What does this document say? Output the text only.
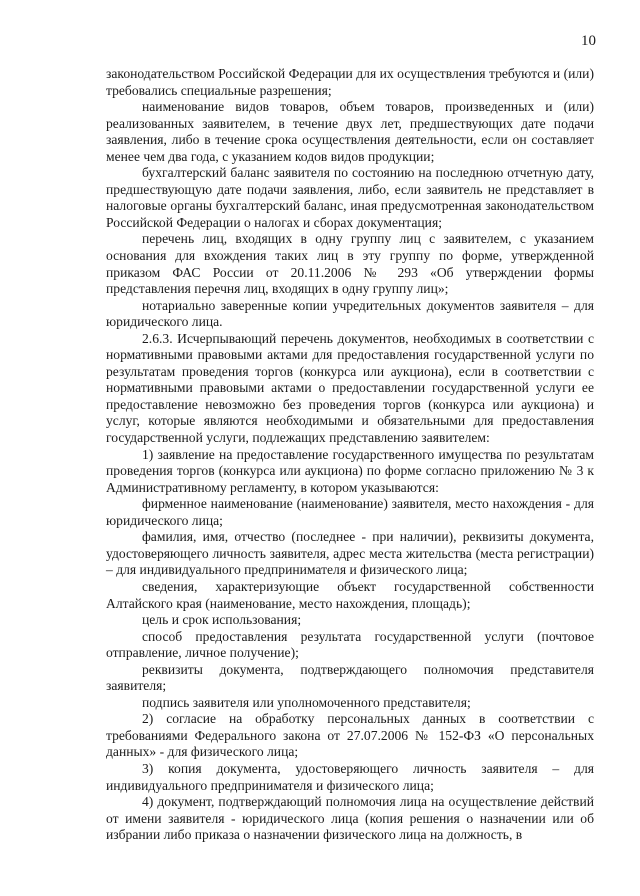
10

законодательством Российской Федерации для их осуществления требуются и (или) требовались специальные разрешения;

наименование видов товаров, объем товаров, произведенных и (или) реализованных заявителем, в течение двух лет, предшествующих дате подачи заявления, либо в течение срока осуществления деятельности, если он составляет менее чем два года, с указанием кодов видов продукции;

бухгалтерский баланс заявителя по состоянию на последнюю отчетную дату, предшествующую дате подачи заявления, либо, если заявитель не представляет в налоговые органы бухгалтерский баланс, иная предусмотренная законодательством Российской Федерации о налогах и сборах документация;

перечень лиц, входящих в одну группу лиц с заявителем, с указанием основания для вхождения таких лиц в эту группу по форме, утвержденной приказом ФАС России от 20.11.2006 № 293 «Об утверждении формы представления перечня лиц, входящих в одну группу лиц»;

нотариально заверенные копии учредительных документов заявителя – для юридического лица.

2.6.3. Исчерпывающий перечень документов, необходимых в соответствии с нормативными правовыми актами для предоставления государственной услуги по результатам проведения торгов (конкурса или аукциона), если в соответствии с нормативными правовыми актами о предоставлении государственной услуги ее предоставление невозможно без проведения торгов (конкурса или аукциона) и услуг, которые являются необходимыми и обязательными для предоставления государственной услуги, подлежащих представлению заявителем:

1) заявление на предоставление государственного имущества по результатам проведения торгов (конкурса или аукциона) по форме согласно приложению № 3 к Административному регламенту, в котором указываются:

фирменное наименование (наименование) заявителя, место нахождения - для юридического лица;

фамилия, имя, отчество (последнее - при наличии), реквизиты документа, удостоверяющего личность заявителя, адрес места жительства (места регистрации) – для индивидуального предпринимателя и физического лица;

сведения, характеризующие объект государственной собственности Алтайского края (наименование, место нахождения, площадь);

цель и срок использования;

способ предоставления результата государственной услуги (почтовое отправление, личное получение);

реквизиты документа, подтверждающего полномочия представителя заявителя;

подпись заявителя или уполномоченного представителя;

2) согласие на обработку персональных данных в соответствии с требованиями Федерального закона от 27.07.2006 № 152-ФЗ «О персональных данных» - для физического лица;

3) копия документа, удостоверяющего личность заявителя – для индивидуального предпринимателя и физического лица;

4) документ, подтверждающий полномочия лица на осуществление действий от имени заявителя - юридического лица (копия решения о назначении или об избрании либо приказа о назначении физического лица на должность, в
